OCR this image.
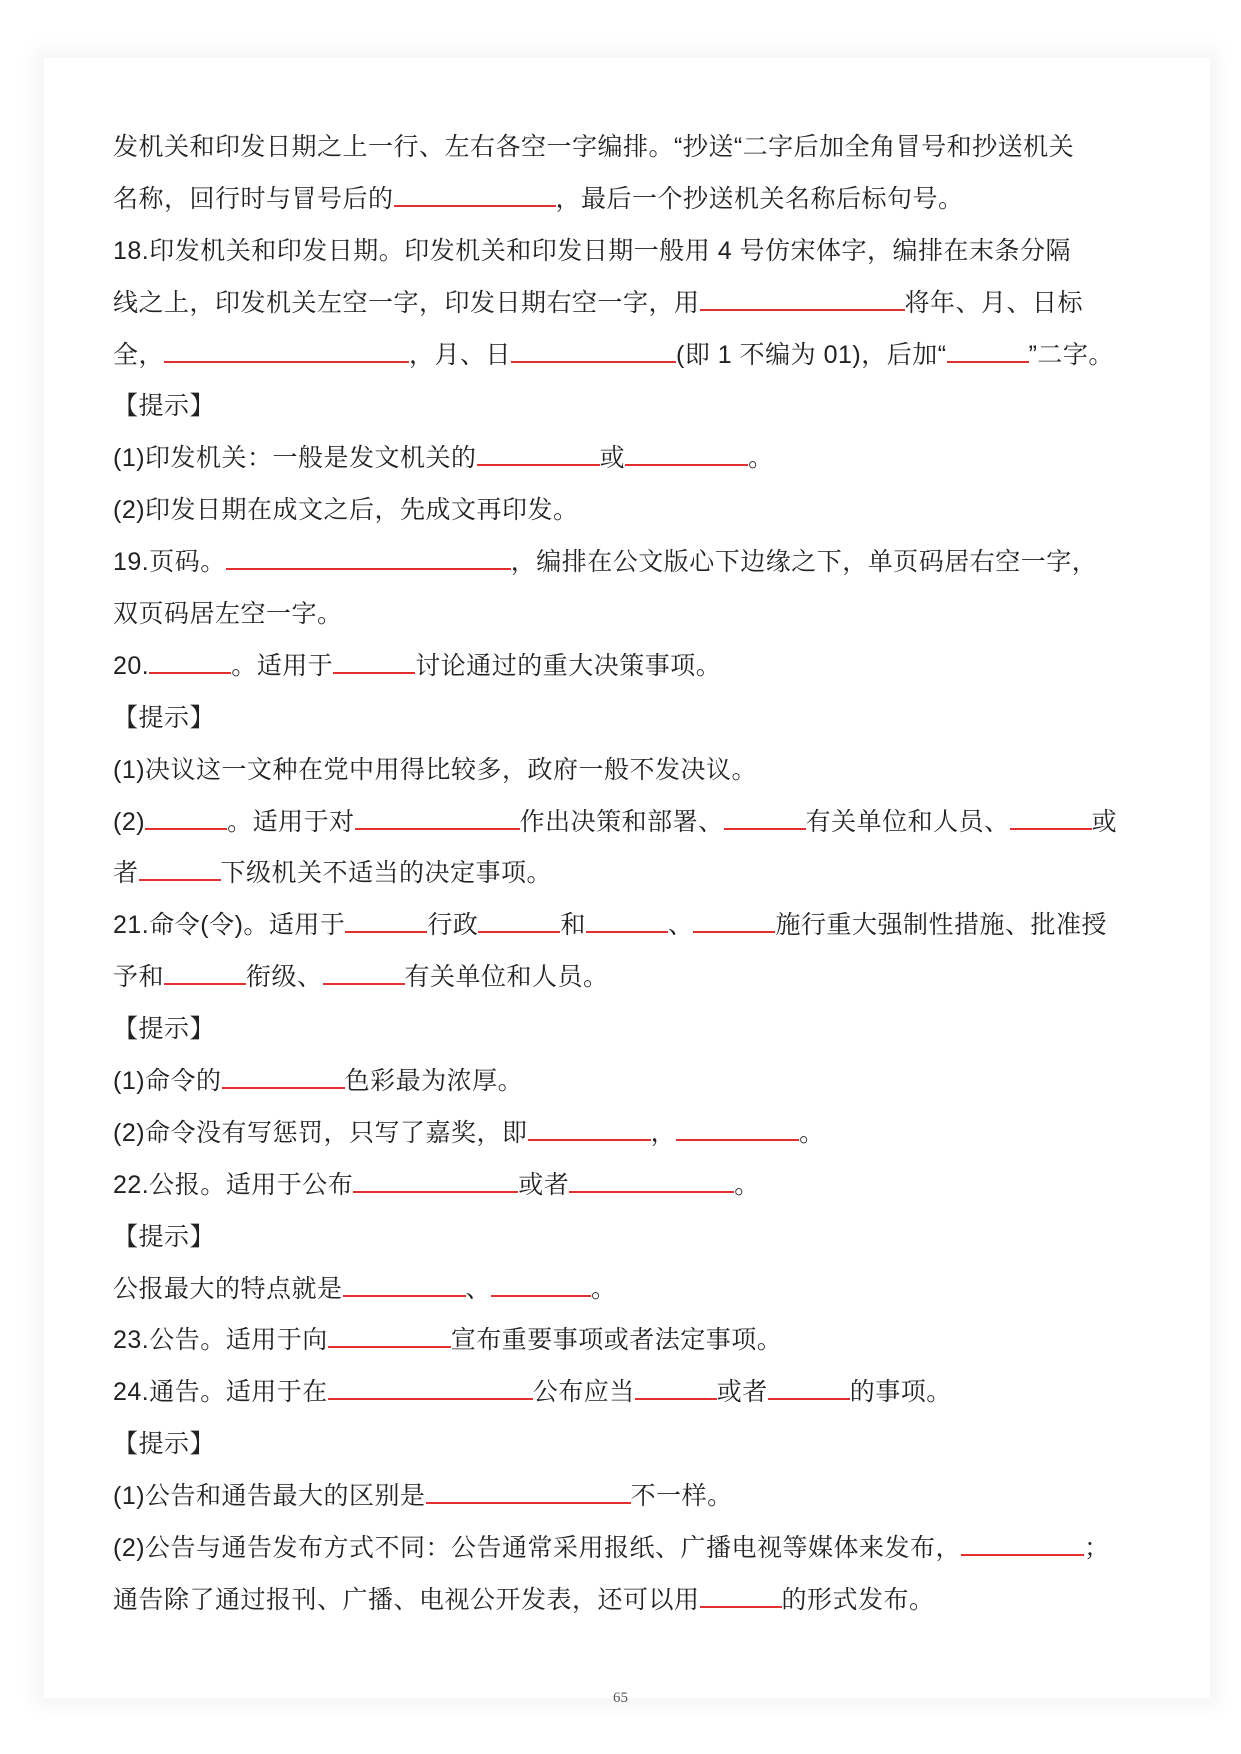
发机关和印发日期之上一行、左右各空一字编排。“抄送“二字后加全角冒号和抄送机关
名称，回行时与冒号后的	，最后一个抄送机关名称后标句号。
18.印发机关和印发日期。印发机关和印发日期一般用 4 号仿宋体字，编排在末条分隔
线之上，印发机关左空一字，印发日期右空一字，用	将年、月、日标
全，	，月、日	(即 1 不编为 01)，后加“	”二字。
【提示】
(1)印发机关：一般是发文机关的	或	。
(2)印发日期在成文之后，先成文再印发。
19.页码。	，编排在公文版心下边缘之下，单页码居右空一字，
双页码居左空一字。
20.	。适用于	讨论通过的重大决策事项。
【提示】
(1)决议这一文种在党中用得比较多，政府一般不发决议。
(2)	。适用于对	作出决策和部署、	有关单位和人员、	或
者	下级机关不适当的决定事项。
21.命令(令)。适用于	行政	和	、	施行重大强制性措施、批准授
予和	衔级、	有关单位和人员。
【提示】
(1)命令的	色彩最为浓厚。
(2)命令没有写惩罚，只写了嘉奖，即	，	。
22.公报。适用于公布	或者	。
【提示】
公报最大的特点就是	、	。
23.公告。适用于向	宣布重要事项或者法定事项。
24.通告。适用于在	公布应当	或者	的事项。
【提示】
(1)公告和通告最大的区别是	不一样。
(2)公告与通告发布方式不同：公告通常采用报纸、广播电视等媒体来发布，	；
通告除了通过报刊、广播、电视公开发表，还可以用	的形式发布。
65
